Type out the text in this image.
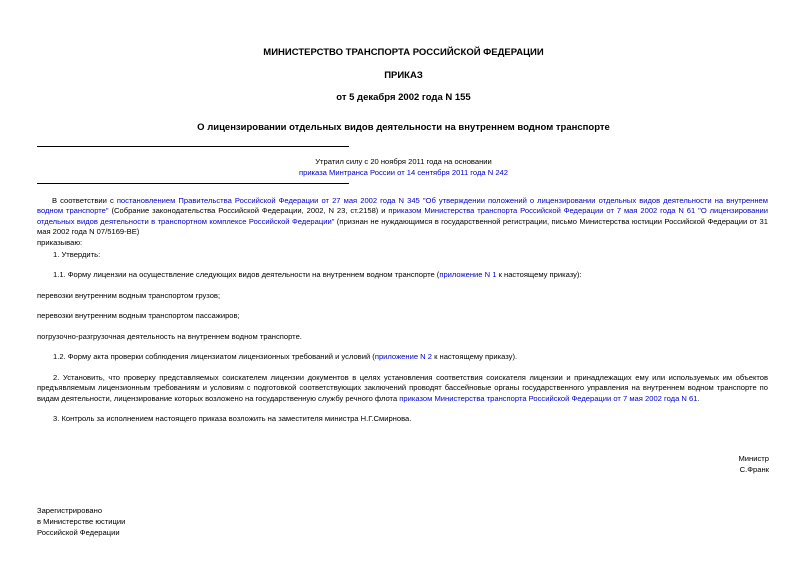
МИНИСТЕРСТВО ТРАНСПОРТА РОССИЙСКОЙ ФЕДЕРАЦИИ
ПРИКАЗ
от 5 декабря 2002 года N 155
О лицензировании отдельных видов деятельности на внутреннем водном транспорте
Утратил силу с 20 ноября 2011 года на основании
приказа Минтранса России от 14 сентября 2011 года N 242
В соответствии с постановлением Правительства Российской Федерации от 27 мая 2002 года N 345 "Об утверждении положений о лицензировании отдельных видов деятельности на внутреннем водном транспорте" (Собрание законодательства Российской Федерации, 2002, N 23, ст.2158) и приказом Министерства транспорта Российской Федерации от 7 мая 2002 года N 61 "О лицензировании отдельных видов деятельности в транспортном комплексе Российской Федерации" (признан не нуждающимся в государственной регистрации, письмо Министерства юстиции Российской Федерации от 31 мая 2002 года N 07/5169-ВЕ)
приказываю:
1. Утвердить:
1.1. Форму лицензии на осуществление следующих видов деятельности на внутреннем водном транспорте (приложение N 1 к настоящему приказу):
перевозки внутренним водным транспортом грузов;
перевозки внутренним водным транспортом пассажиров;
погрузочно-разгрузочная деятельность на внутреннем водном транспорте.
1.2. Форму акта проверки соблюдения лицензиатом лицензионных требований и условий (приложение N 2 к настоящему приказу).
2. Установить, что проверку представляемых соискателем лицензии документов в целях установления соответствия соискателя лицензии и принадлежащих ему или используемых им объектов предъявляемым лицензионным требованиям и условиям с подготовкой соответствующих заключений проводят бассейновые органы государственного управления на внутреннем водном транспорте по видам деятельности, лицензирование которых возложено на государственную службу речного флота приказом Министерства транспорта Российской Федерации от 7 мая 2002 года N 61.
3. Контроль за исполнением настоящего приказа возложить на заместителя министра Н.Г.Смирнова.
Министр
С.Франк
Зарегистрировано
в Министерстве юстиции
Российской Федерации
